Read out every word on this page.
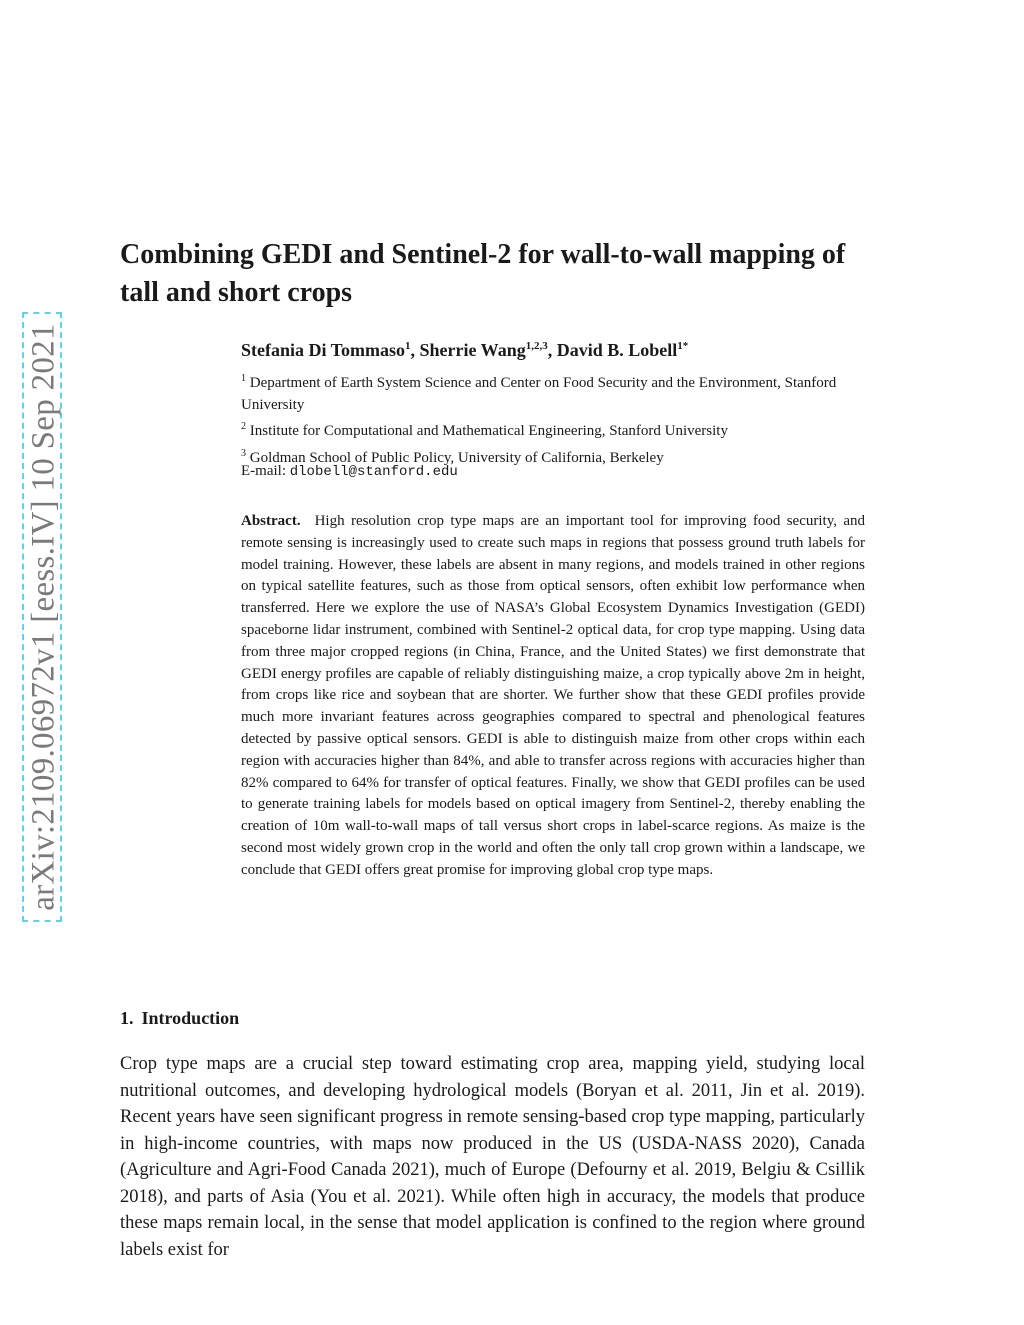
arXiv:2109.06972v1 [eess.IV] 10 Sep 2021
Combining GEDI and Sentinel-2 for wall-to-wall mapping of tall and short crops
Stefania Di Tommaso$^1$, Sherrie Wang$^{1,2,3}$, David B. Lobell$^{1*}$
$^1$ Department of Earth System Science and Center on Food Security and the Environment, Stanford University
$^2$ Institute for Computational and Mathematical Engineering, Stanford University
$^3$ Goldman School of Public Policy, University of California, Berkeley
E-mail: dlobell@stanford.edu

Abstract. High resolution crop type maps are an important tool for improving food security, and remote sensing is increasingly used to create such maps in regions that possess ground truth labels for model training. However, these labels are absent in many regions, and models trained in other regions on typical satellite features, such as those from optical sensors, often exhibit low performance when transferred. Here we explore the use of NASA’s Global Ecosystem Dynamics Investigation (GEDI) spaceborne lidar instrument, combined with Sentinel-2 optical data, for crop type mapping. Using data from three major cropped regions (in China, France, and the United States) we first demonstrate that GEDI energy profiles are capable of reliably distinguishing maize, a crop typically above 2m in height, from crops like rice and soybean that are shorter. We further show that these GEDI profiles provide much more invariant features across geographies compared to spectral and phenological features detected by passive optical sensors. GEDI is able to distinguish maize from other crops within each region with accuracies higher than 84%, and able to transfer across regions with accuracies higher than 82% compared to 64% for transfer of optical features. Finally, we show that GEDI profiles can be used to generate training labels for models based on optical imagery from Sentinel-2, thereby enabling the creation of 10m wall-to-wall maps of tall versus short crops in label-scarce regions. As maize is the second most widely grown crop in the world and often the only tall crop grown within a landscape, we conclude that GEDI offers great promise for improving global crop type maps.

1. Introduction

Crop type maps are a crucial step toward estimating crop area, mapping yield, studying local nutritional outcomes, and developing hydrological models (Boryan et al. 2011, Jin et al. 2019). Recent years have seen significant progress in remote sensing-based crop type mapping, particularly in high-income countries, with maps now produced in the US (USDA-NASS 2020), Canada (Agriculture and Agri-Food Canada 2021), much of Europe (Defourny et al. 2019, Belgiu & Csillik 2018), and parts of Asia (You et al. 2021). While often high in accuracy, the models that produce these maps remain local, in the sense that model application is confined to the region where ground labels exist for
